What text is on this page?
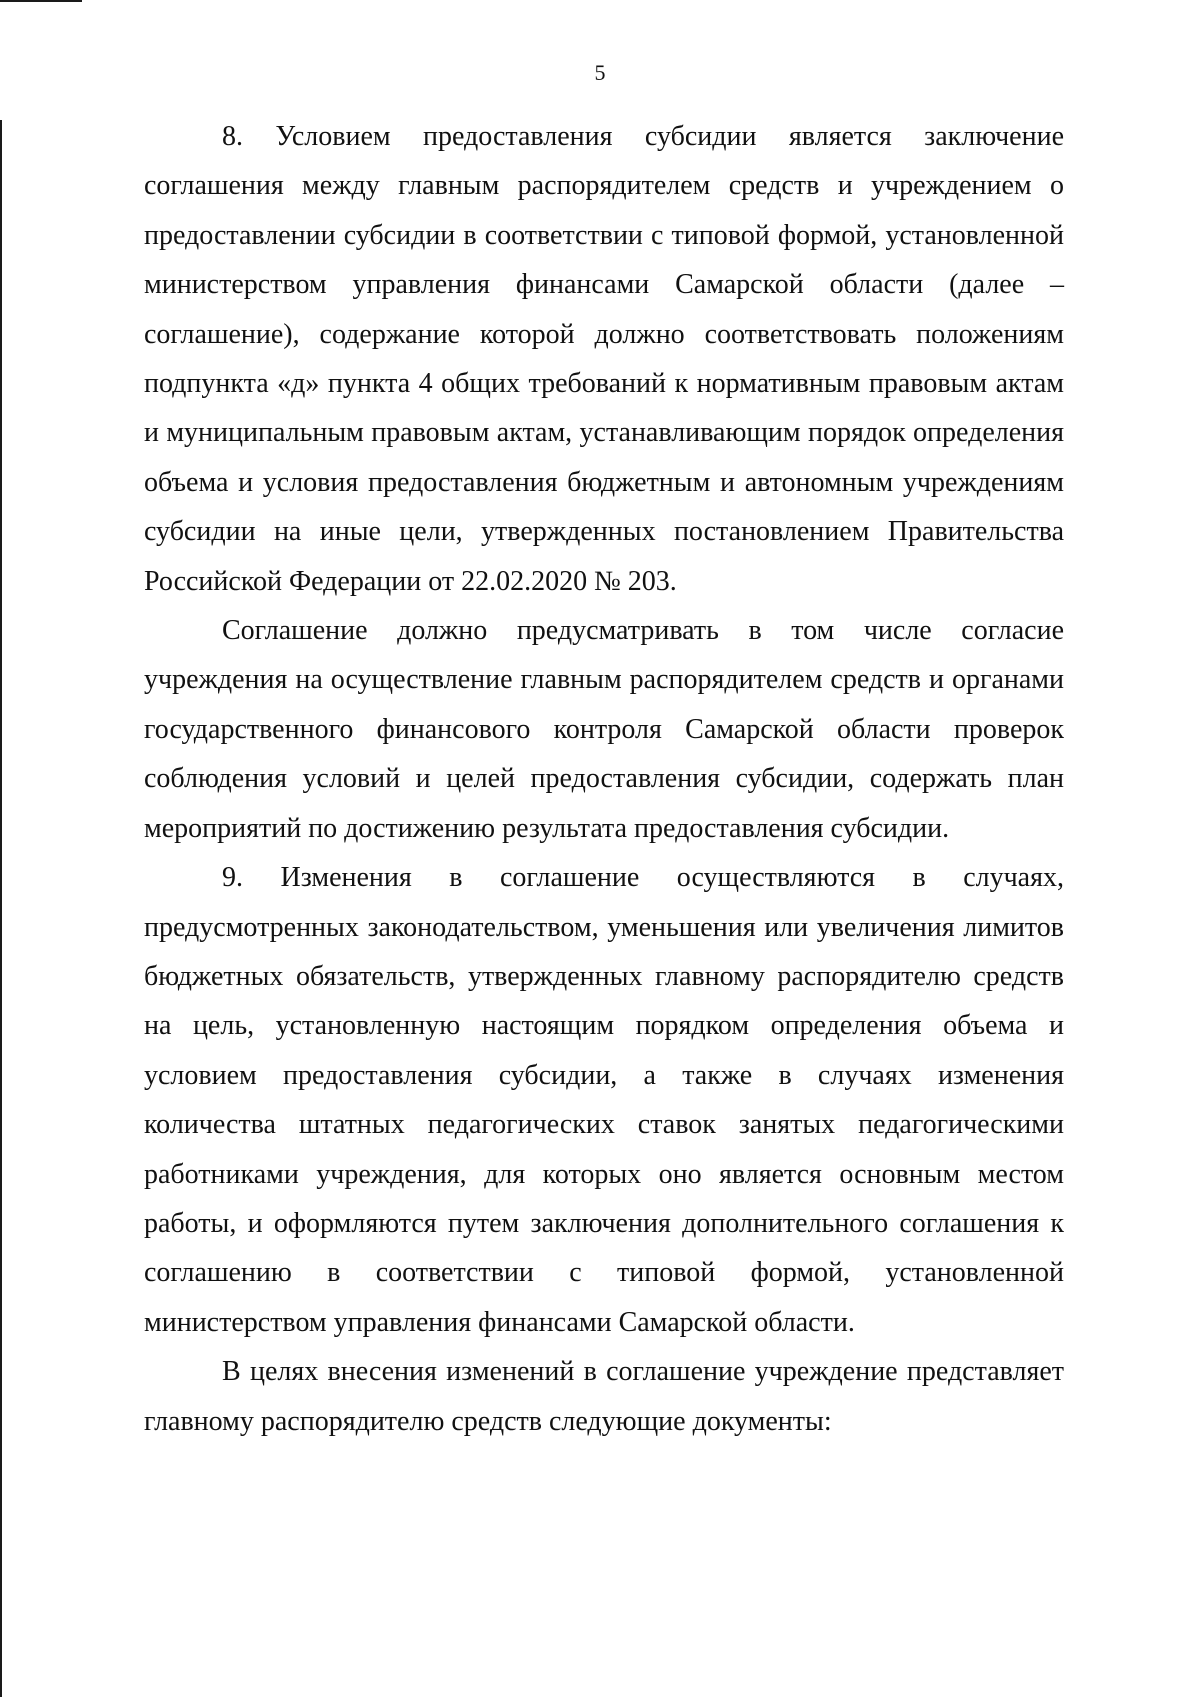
5

8. Условием предоставления субсидии является заключение соглашения между главным распорядителем средств и учреждением о предоставлении субсидии в соответствии с типовой формой, установленной министерством управления финансами Самарской области (далее – соглашение), содержание которой должно соответствовать положениям подпункта «д» пункта 4 общих требований к нормативным правовым актам и муниципальным правовым актам, устанавливающим порядок определения объема и условия предоставления бюджетным и автономным учреждениям субсидии на иные цели, утвержденных постановлением Правительства Российской Федерации от 22.02.2020 № 203.

Соглашение должно предусматривать в том числе согласие учреждения на осуществление главным распорядителем средств и органами государственного финансового контроля Самарской области проверок соблюдения условий и целей предоставления субсидии, содержать план мероприятий по достижению результата предоставления субсидии.

9. Изменения в соглашение осуществляются в случаях, предусмотренных законодательством, уменьшения или увеличения лимитов бюджетных обязательств, утвержденных главному распорядителю средств на цель, установленную настоящим порядком определения объема и условием предоставления субсидии, а также в случаях изменения количества штатных педагогических ставок занятых педагогическими работниками учреждения, для которых оно является основным местом работы, и оформляются путем заключения дополнительного соглашения к соглашению в соответствии с типовой формой, установленной министерством управления финансами Самарской области.

В целях внесения изменений в соглашение учреждение представляет главному распорядителю средств следующие документы:
